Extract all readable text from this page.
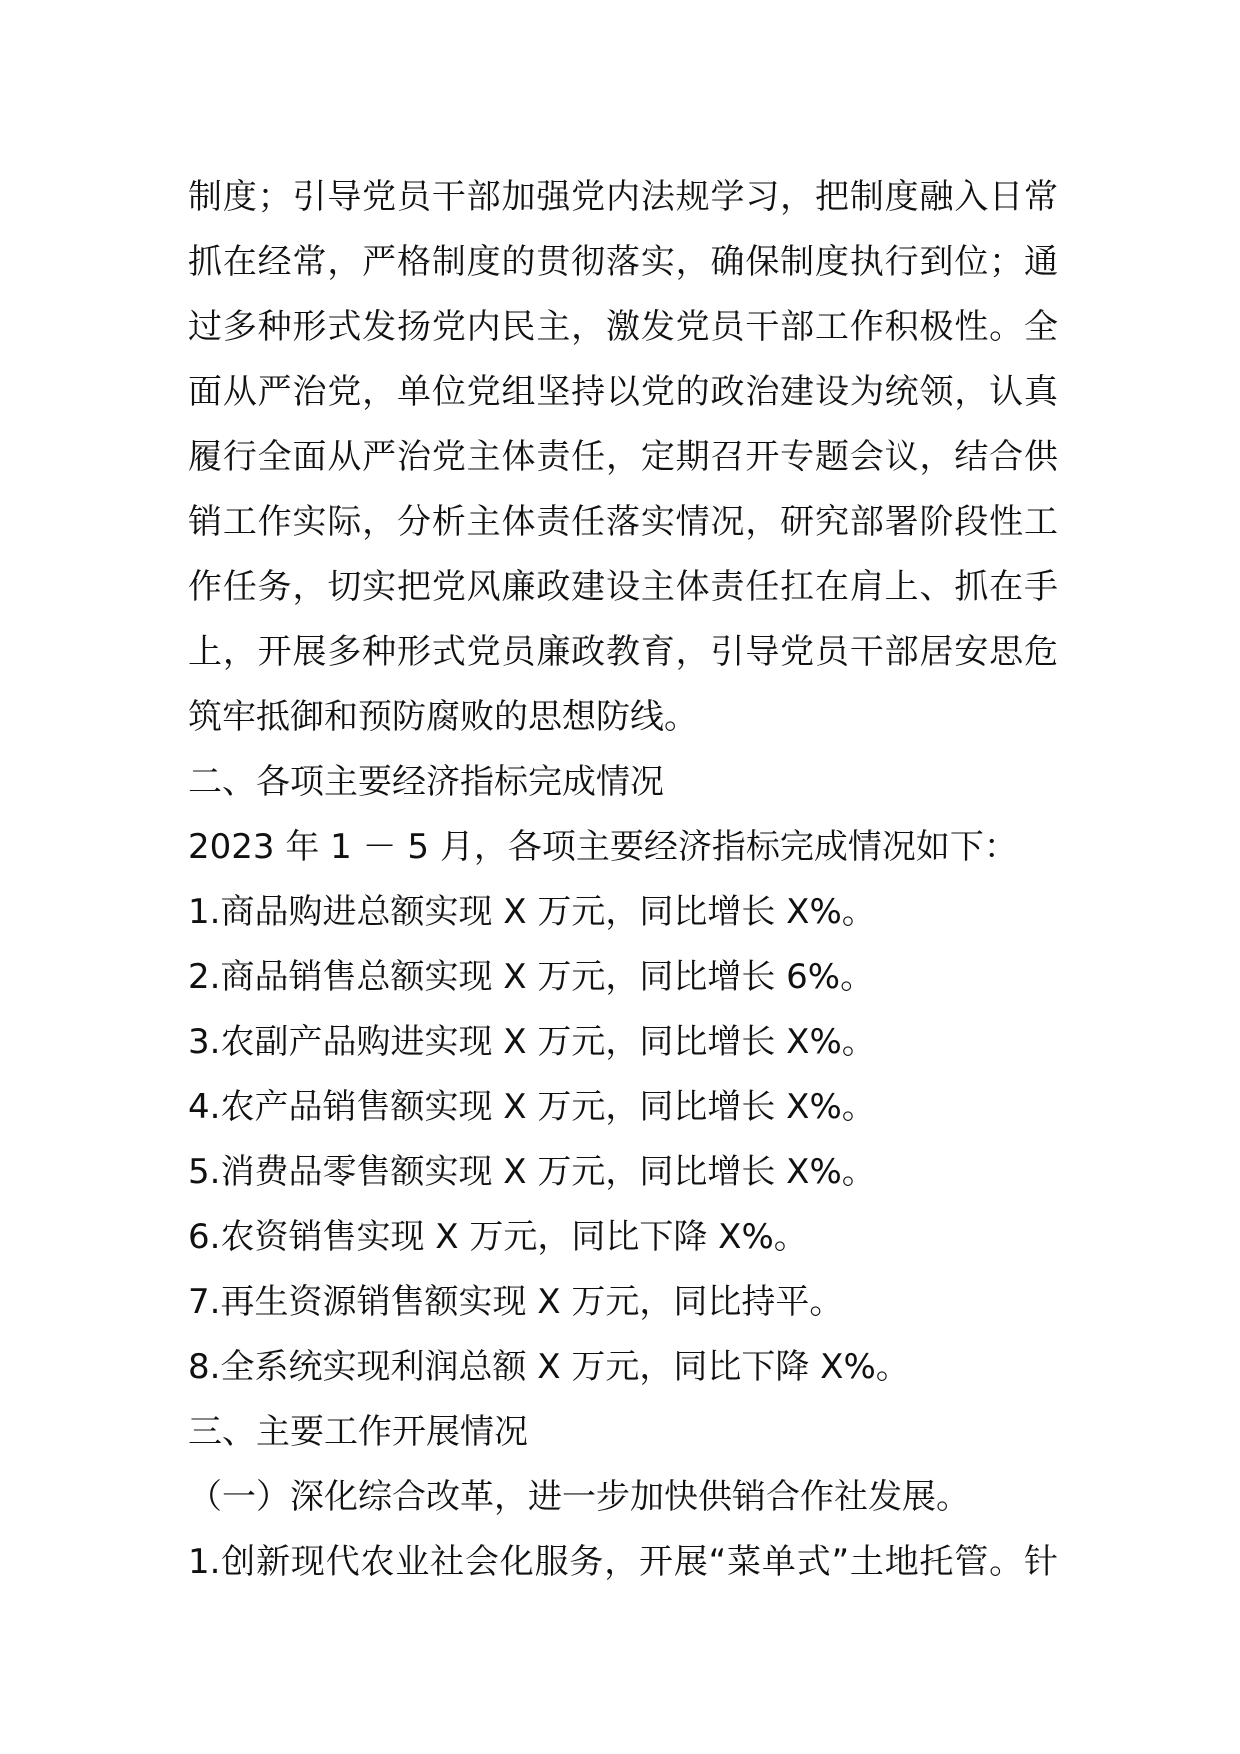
制度；引导党员干部加强党内法规学习，把制度融入日常
抓在经常，严格制度的贯彻落实，确保制度执行到位；通
过多种形式发扬党内民主，激发党员干部工作积极性。全
面从严治党，单位党组坚持以党的政治建设为统领，认真
履行全面从严治党主体责任，定期召开专题会议，结合供
销工作实际，分析主体责任落实情况，研究部署阶段性工
作任务，切实把党风廉政建设主体责任扛在肩上、抓在手
上，开展多种形式党员廉政教育，引导党员干部居安思危
筑牢抵御和预防腐败的思想防线。
二、各项主要经济指标完成情况
2023 年 1 － 5 月，各项主要经济指标完成情况如下：
1.商品购进总额实现 X 万元，同比增长 X%。
2.商品销售总额实现 X 万元，同比增长 6%。
3.农副产品购进实现 X 万元，同比增长 X%。
4.农产品销售额实现 X 万元，同比增长 X%。
5.消费品零售额实现 X 万元，同比增长 X%。
6.农资销售实现 X 万元，同比下降 X%。
7.再生资源销售额实现 X 万元，同比持平。
8.全系统实现利润总额 X 万元，同比下降 X%。
三、主要工作开展情况
（一）深化综合改革，进一步加快供销合作社发展。
1.创新现代农业社会化服务，开展“菜单式”土地托管。针
